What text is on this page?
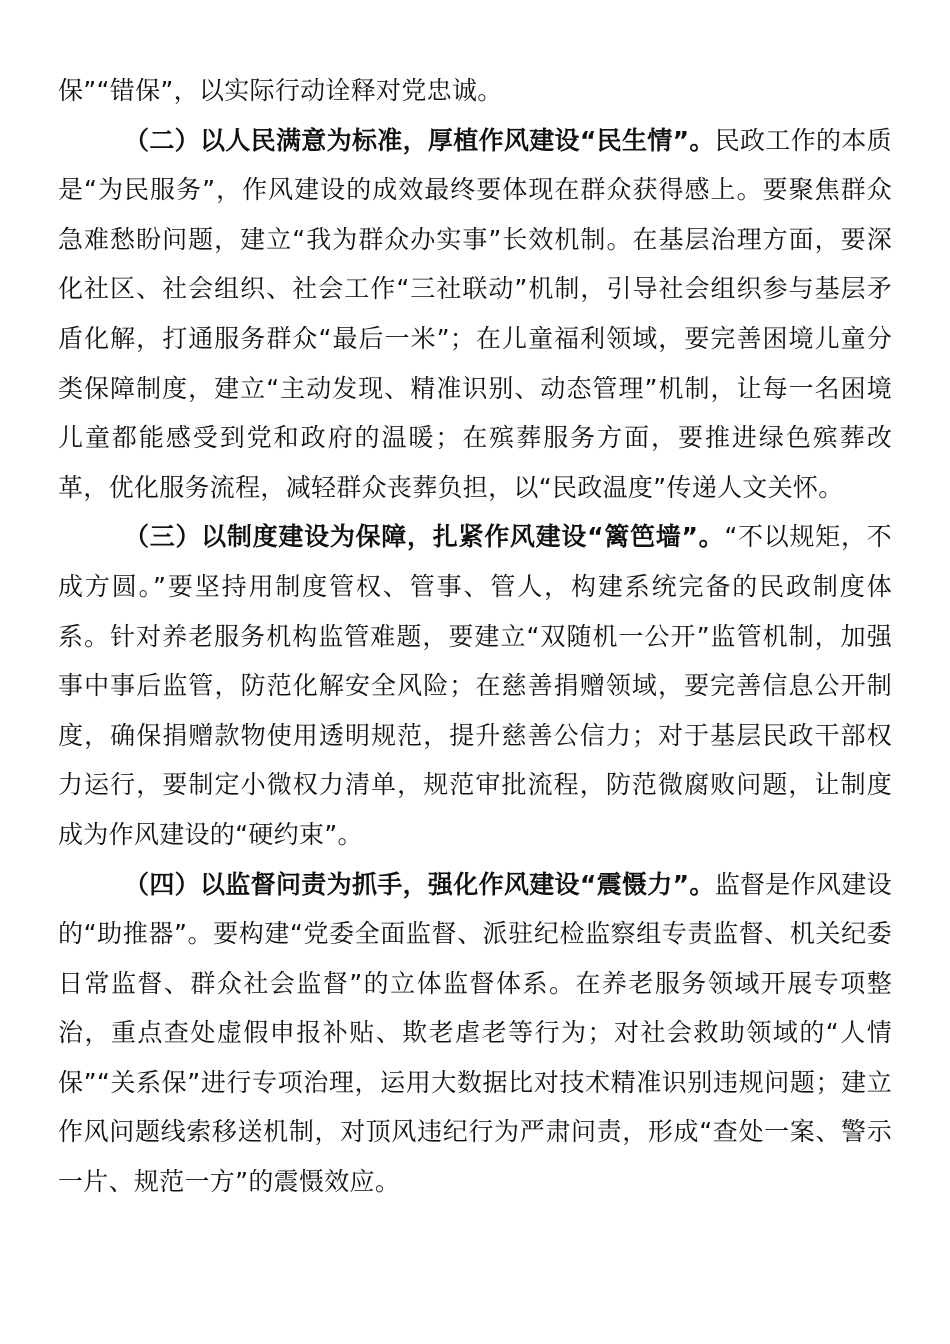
保”“错保”，以实际行动诠释对党忠诚。

（二）以人民满意为标准，厚植作风建设“民生情”。民政工作的本质是“为民服务”，作风建设的成效最终要体现在群众获得感上。要聚焦群众急难愁盼问题，建立“我为群众办实事”长效机制。在基层治理方面，要深化社区、社会组织、社会工作“三社联动”机制，引导社会组织参与基层矛盾化解，打通服务群众“最后一米”；在儿童福利领域，要完善困境儿童分类保障制度，建立“主动发现、精准识别、动态管理”机制，让每一名困境儿童都能感受到党和政府的温暖；在殡葬服务方面，要推进绿色殡葬改革，优化服务流程，减轻群众丧葬负担，以“民政温度”传递人文关怀。

（三）以制度建设为保障，扎紧作风建设“篱笆墙”。“不以规矩，不成方圆。”要坚持用制度管权、管事、管人，构建系统完备的民政制度体系。针对养老服务机构监管难题，要建立“双随机一公开”监管机制，加强事中事后监管，防范化解安全风险；在慈善捐赠领域，要完善信息公开制度，确保捐赠款物使用透明规范，提升慈善公信力；对于基层民政干部权力运行，要制定小微权力清单，规范审批流程，防范微腐败问题，让制度成为作风建设的“硬约束”。

（四）以监督问责为抓手，强化作风建设“震慑力”。监督是作风建设的“助推器”。要构建“党委全面监督、派驻纪检监察组专责监督、机关纪委日常监督、群众社会监督”的立体监督体系。在养老服务领域开展专项整治，重点查处虚假申报补贴、欺老虐老等行为；对社会救助领域的“人情保”“关系保”进行专项治理，运用大数据比对技术精准识别违规问题；建立作风问题线索移送机制，对顶风违纪行为严肃问责，形成“查处一案、警示一片、规范一方”的震慑效应。
